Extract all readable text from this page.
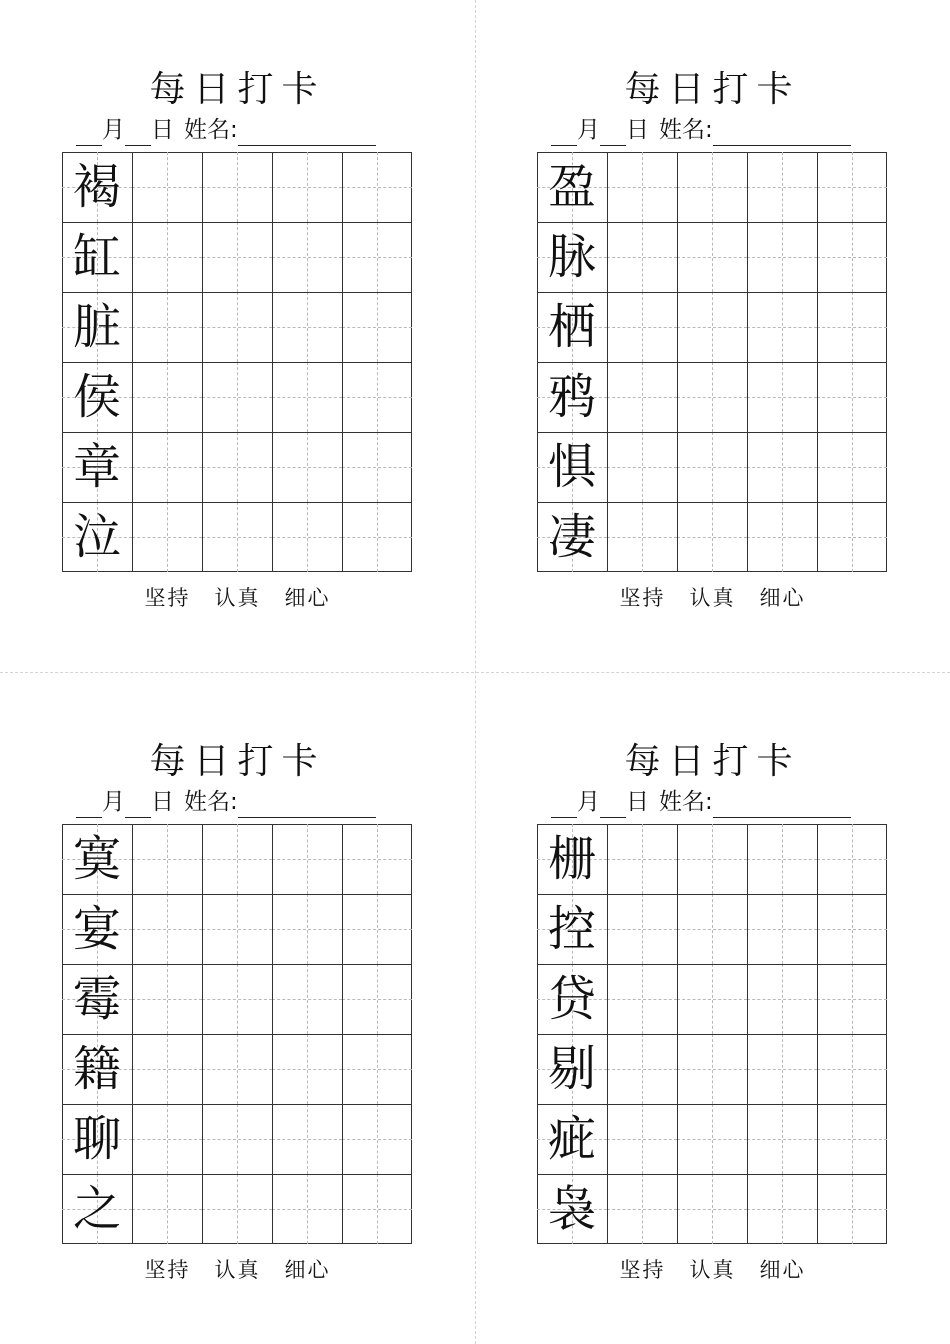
每日打卡
月 日 姓名:
褐
缸
脏
侯
章
泣
坚持 认真 细心
每日打卡
月 日 姓名:
盈
脉
栖
鸦
惧
凄
坚持 认真 细心
每日打卡
月 日 姓名:
寞
宴
霉
籍
聊
之
坚持 认真 细心
每日打卡
月 日 姓名:
栅
控
贷
剔
疵
袅
坚持 认真 细心
